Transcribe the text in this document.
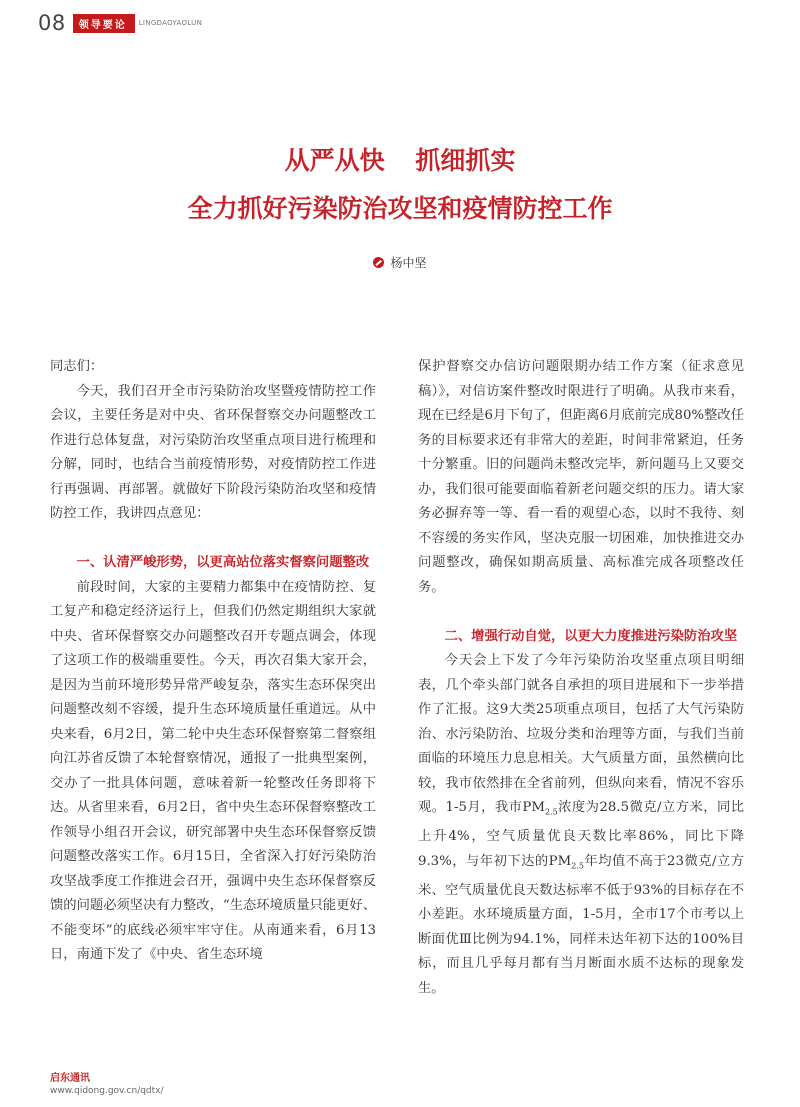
08	领导要论	LINGDAOYAOLUN
从严从快 抓细抓实
全力抓好污染防治攻坚和疫情防控工作
杨中坚

同志们：

今天，我们召开全市污染防治攻坚暨疫情防控工作会议，主要任务是对中央、省环保督察交办问题整改工作进行总体复盘，对污染防治攻坚重点项目进行梳理和分解，同时，也结合当前疫情形势，对疫情防控工作进行再强调、再部署。就做好下阶段污染防治攻坚和疫情防控工作，我讲四点意见：

一、认清严峻形势，以更高站位落实督察问题整改

前段时间，大家的主要精力都集中在疫情防控、复工复产和稳定经济运行上，但我们仍然定期组织大家就中央、省环保督察交办问题整改召开专题点调会，体现了这项工作的极端重要性。今天，再次召集大家开会，是因为当前环境形势异常严峻复杂，落实生态环保突出问题整改刻不容缓，提升生态环境质量任重道远。从中央来看，6月2日，第二轮中央生态环保督察第二督察组向江苏省反馈了本轮督察情况，通报了一批典型案例，交办了一批具体问题，意味着新一轮整改任务即将下达。从省里来看，6月2日，省中央生态环保督察整改工作领导小组召开会议，研究部署中央生态环保督察反馈问题整改落实工作。6月15日，全省深入打好污染防治攻坚战季度工作推进会召开，强调中央生态环保督察反馈的问题必须坚决有力整改，“生态环境质量只能更好、不能变坏”的底线必须牢牢守住。从南通来看，6月13日，南通下发了《中央、省生态环境

保护督察交办信访问题限期办结工作方案（征求意见稿）》，对信访案件整改时限进行了明确。从我市来看，现在已经是6月下旬了，但距离6月底前完成80%整改任务的目标要求还有非常大的差距，时间非常紧迫，任务十分繁重。旧的问题尚未整改完毕，新问题马上又要交办，我们很可能要面临着新老问题交织的压力。请大家务必摒弃等一等、看一看的观望心态，以时不我待、刻不容缓的务实作风，坚决克服一切困难，加快推进交办问题整改，确保如期高质量、高标准完成各项整改任务。

二、增强行动自觉，以更大力度推进污染防治攻坚

今天会上下发了今年污染防治攻坚重点项目明细表，几个牵头部门就各自承担的项目进展和下一步举措作了汇报。这9大类25项重点项目，包括了大气污染防治、水污染防治、垃圾分类和治理等方面，与我们当前面临的环境压力息息相关。大气质量方面，虽然横向比较，我市依然排在全省前列，但纵向来看，情况不容乐观。1-5月，我市$PM_{2.5}$浓度为28.5微克/立方米，同比上升4%，空气质量优良天数比率86%，同比下降9.3%，与年初下达的$PM_{2.5}$年均值不高于23微克/立方米、空气质量优良天数达标率不低于93%的目标存在不小差距。水环境质量方面，1-5月，全市17个市考以上断面优Ⅲ比例为94.1%，同样未达年初下达的100%目标，而且几乎每月都有当月断面水质不达标的现象发生。

启东通讯
www.qidong.gov.cn/qdtx/
